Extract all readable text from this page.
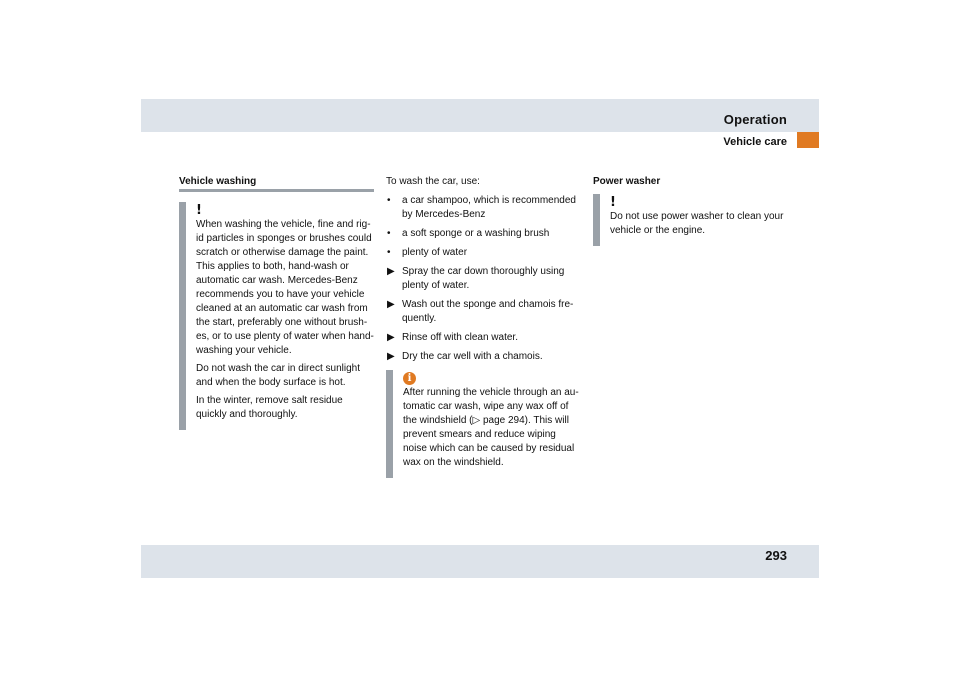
Operation
Vehicle care
Vehicle washing
!

When washing the vehicle, fine and rig-id particles in sponges or brushes could scratch or otherwise damage the paint. This applies to both, hand-wash or automatic car wash. Mercedes-Benz recommends you to have your vehicle cleaned at an automatic car wash from the start, preferably one without brush-es, or to use plenty of water when hand-washing your vehicle.

Do not wash the car in direct sunlight and when the body surface is hot.

In the winter, remove salt residue quickly and thoroughly.

To wash the car, use:

• a car shampoo, which is recommended by Mercedes-Benz
• a soft sponge or a washing brush
• plenty of water
▶ Spray the car down thoroughly using plenty of water.
▶ Wash out the sponge and chamois fre-quently.
▶ Rinse off with clean water.
▶ Dry the car well with a chamois.
i

After running the vehicle through an au-tomatic car wash, wipe any wax off of the windshield (▷ page 294). This will prevent smears and reduce wiping noise which can be caused by residual wax on the windshield.

Power washer

!

Do not use power washer to clean your vehicle or the engine.

293
